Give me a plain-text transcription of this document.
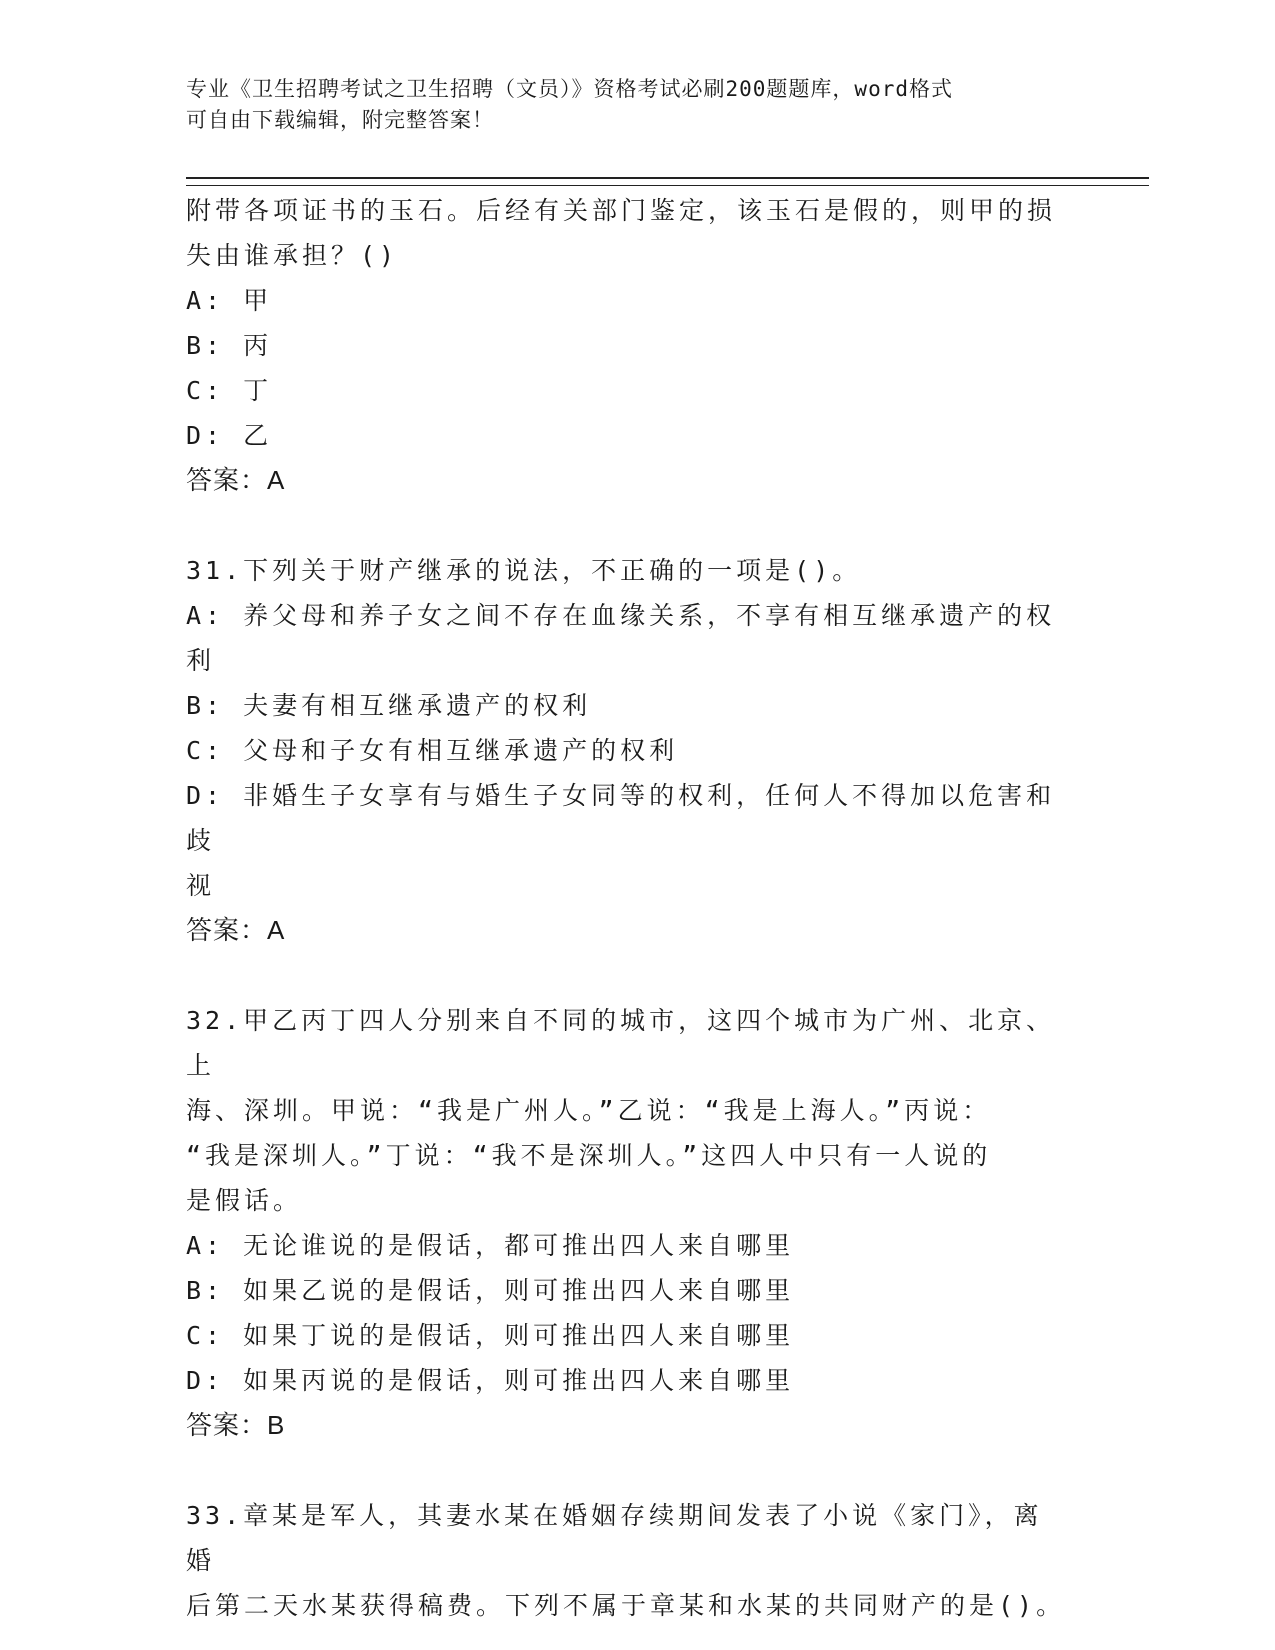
专业《卫生招聘考试之卫生招聘（文员）》资格考试必刷200题题库，word格式
可自由下载编辑，附完整答案！
附带各项证书的玉石。后经有关部门鉴定，该玉石是假的，则甲的损
失由谁承担？()
A: 甲
B: 丙
C: 丁
D: 乙
答案：A
31.下列关于财产继承的说法，不正确的一项是()。
A: 养父母和养子女之间不存在血缘关系，不享有相互继承遗产的权利
B: 夫妻有相互继承遗产的权利
C: 父母和子女有相互继承遗产的权利
D: 非婚生子女享有与婚生子女同等的权利，任何人不得加以危害和歧
视
答案：A
32.甲乙丙丁四人分别来自不同的城市，这四个城市为广州、北京、上
海、深圳。甲说：“我是广州人。”乙说：“我是上海人。”丙说：
“我是深圳人。”丁说：“我不是深圳人。”这四人中只有一人说的
是假话。
A: 无论谁说的是假话，都可推出四人来自哪里
B: 如果乙说的是假话，则可推出四人来自哪里
C: 如果丁说的是假话，则可推出四人来自哪里
D: 如果丙说的是假话，则可推出四人来自哪里
答案：B
33.章某是军人，其妻水某在婚姻存续期间发表了小说《家门》，离婚
后第二天水某获得稿费。下列不属于章某和水某的共同财产的是()。
